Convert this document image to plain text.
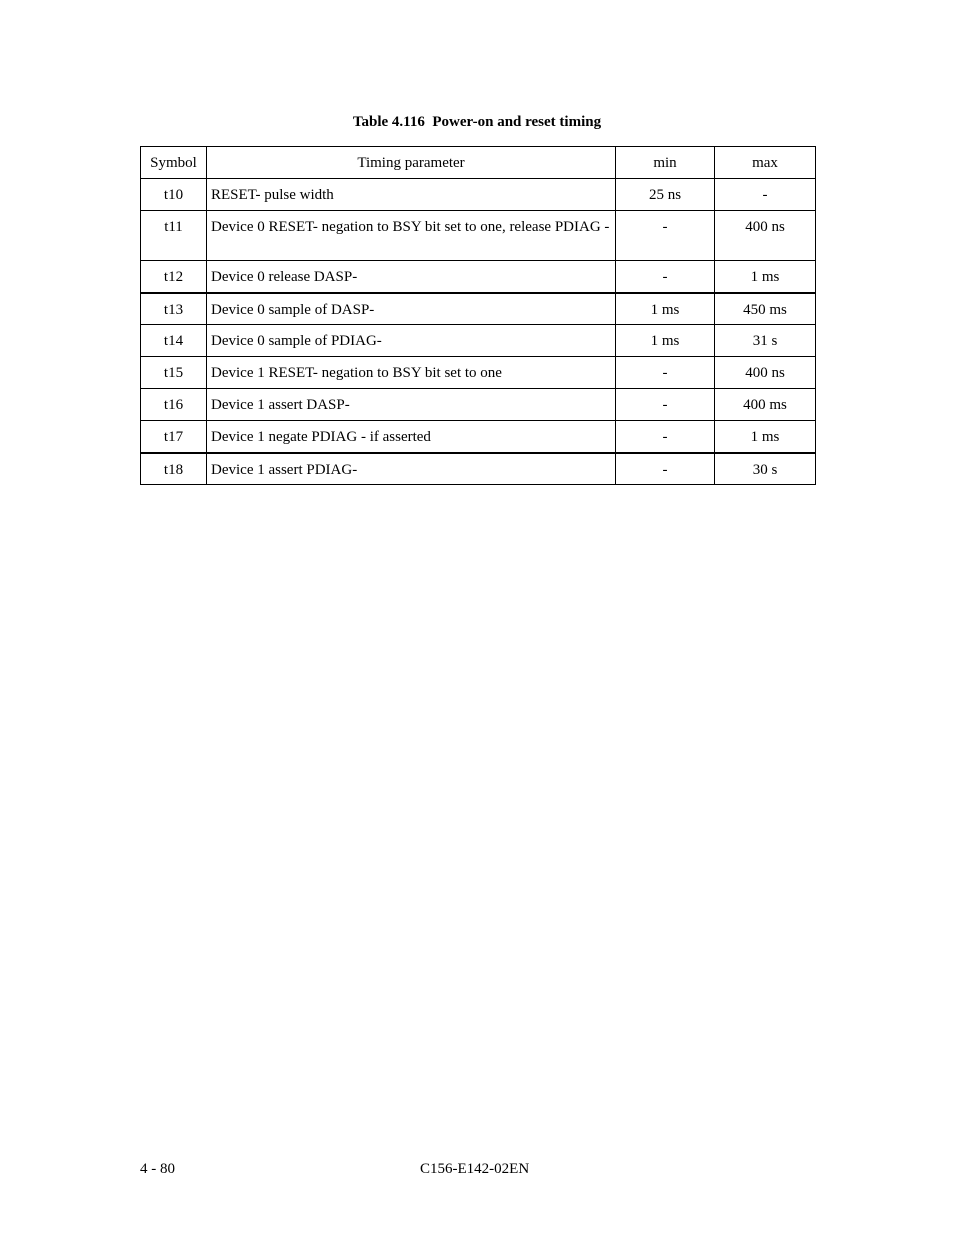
Table 4.116  Power-on and reset timing
Symbol	Timing parameter	min	max
t10	RESET- pulse width	25 ns	-
t11	Device 0 RESET- negation to BSY bit set to one, release PDIAG -	-	400 ns
t12	Device 0 release DASP-	-	1 ms
t13	Device 0 sample of DASP-	1 ms	450 ms
t14	Device 0 sample of PDIAG-	1 ms	31 s
t15	Device 1 RESET- negation to BSY bit set to one	-	400 ns
t16	Device 1 assert DASP-	-	400 ms
t17	Device 1 negate PDIAG - if asserted	-	1 ms
t18	Device 1 assert PDIAG-	-	30 s
4 - 80	C156-E142-02EN
